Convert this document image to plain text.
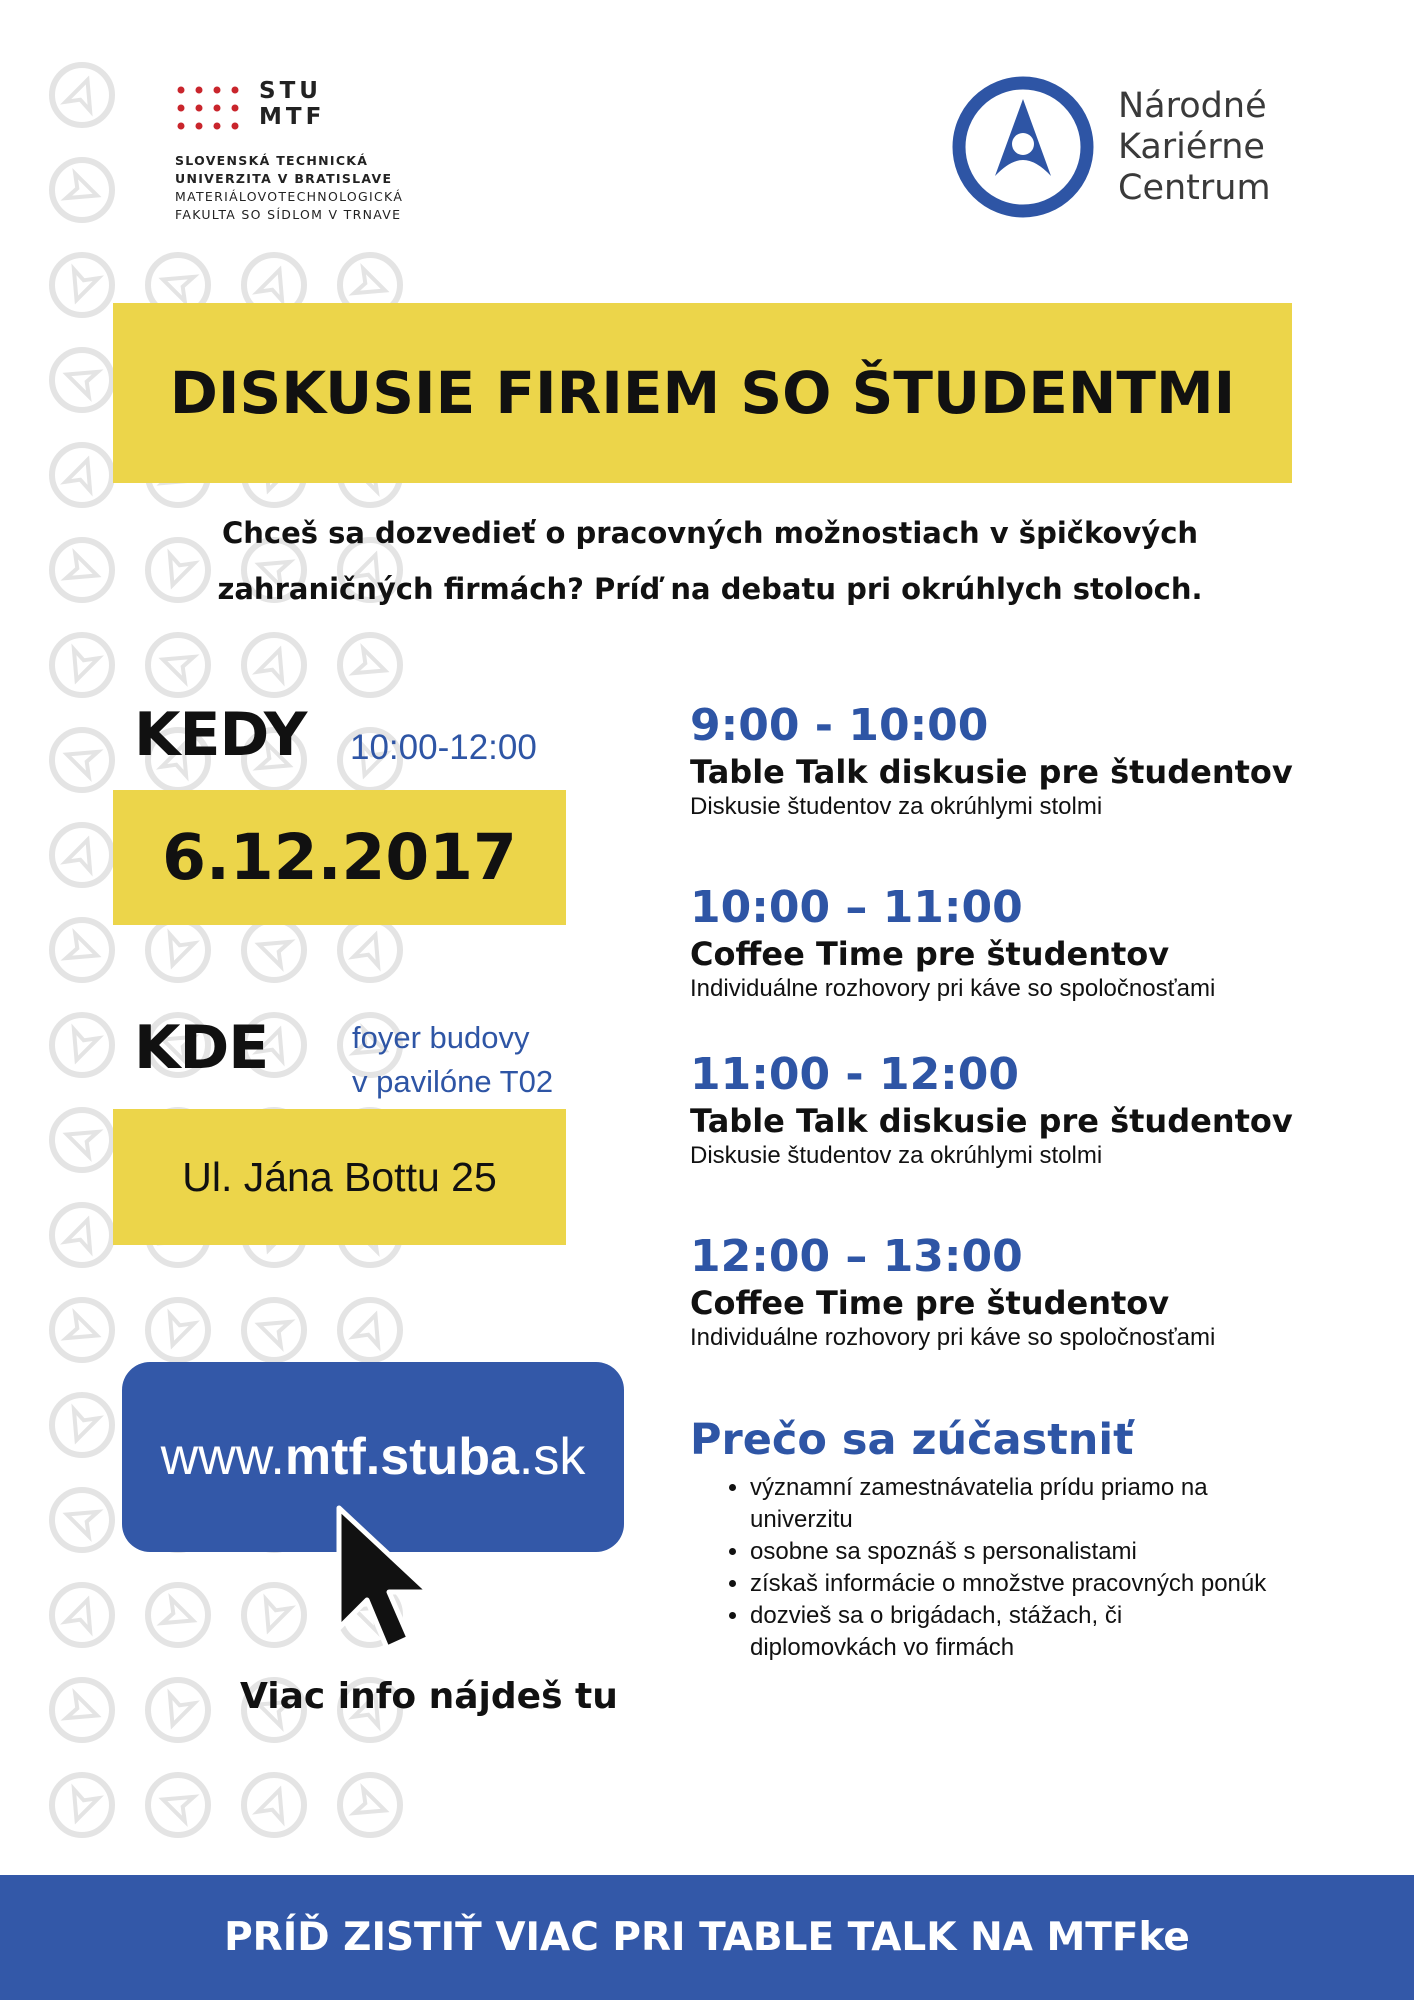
STU
MTF
SLOVENSKÁ TECHNICKÁ
UNIVERZITA V BRATISLAVE
MATERIÁLOVOTECHNOLOGICKÁ
FAKULTA SO SÍDLOM V TRNAVE
Národné
Kariérne
Centrum
DISKUSIE FIRIEM SO ŠTUDENTMI
Chceš sa dozvedieť o pracovných možnostiach v špičkových
zahraničných firmách? Príď na debatu pri okrúhlych stoloch.
KEDY 10:00-12:00
6.12.2017
KDE	foyer budovy
v pavilóne T02
Ul. Jána Bottu 25
www. mtf.stuba .sk
Viac info nájdeš tu
9:00 - 10:00
Table Talk diskusie pre študentov
Diskusie študentov za okrúhlymi stolmi
10:00 – 11:00
Coffee Time pre študentov
Individuálne rozhovory pri káve so spoločnosťami
11:00 - 12:00
Table Talk diskusie pre študentov
Diskusie študentov za okrúhlymi stolmi
12:00 – 13:00
Coffee Time pre študentov
Individuálne rozhovory pri káve so spoločnosťami
Prečo sa zúčastniť
• významní zamestnávatelia prídu priamo na univerzitu
• osobne sa spoznáš s personalistami
• získaš informácie o množstve pracovných ponúk
• dozvieš sa o brigádach, stážach, či diplomovkách vo firmách
PRÍĎ ZISTIŤ VIAC PRI TABLE TALK NA MTFke
